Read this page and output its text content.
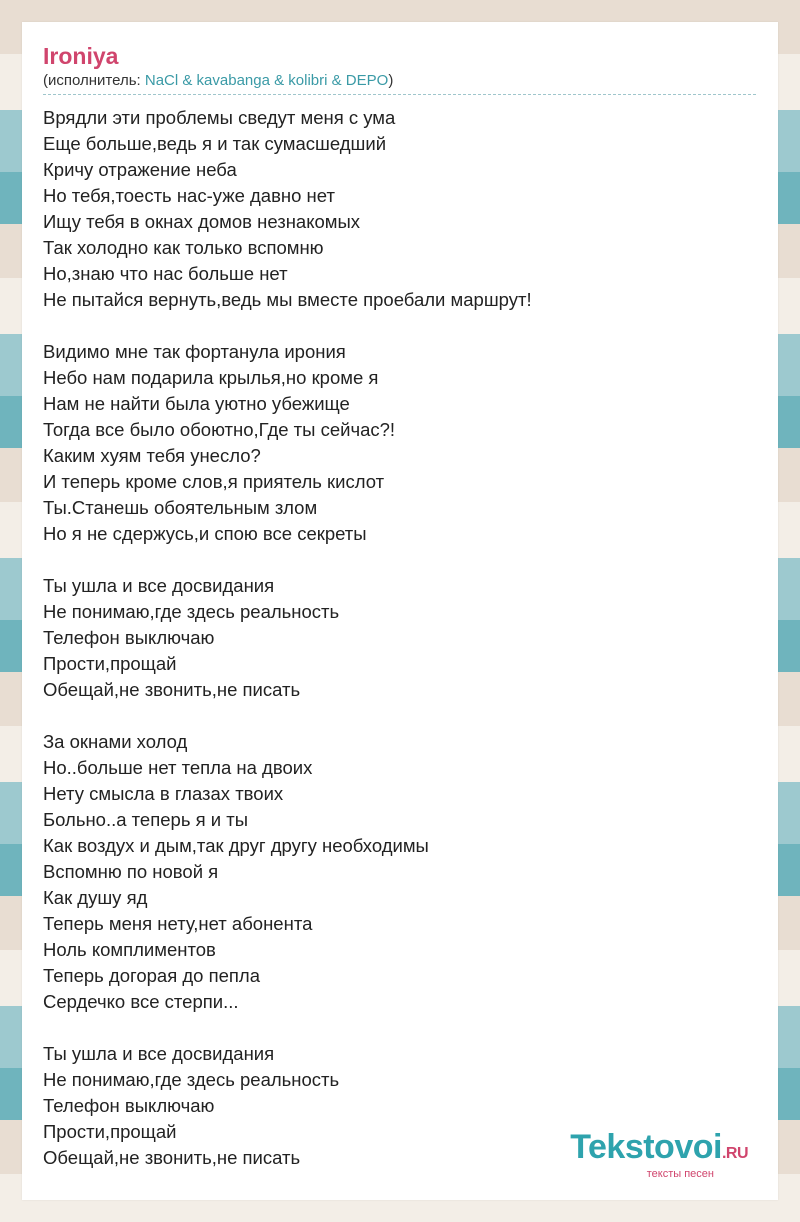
Ironiya

(исполнитель: NaCl & kavabanga & kolibri & DEPO)

Врядли эти проблемы сведут меня с ума
Еще больше,ведь я и так сумасшедший
Кричу отражение неба
Но тебя,тоесть нас-уже давно нет
Ищу тебя в окнах домов незнакомых
Так холодно как только вспомню
Но,знаю что нас больше нет
Не пытайся вернуть,ведь мы вместе проебали маршрут!
Видимо мне так фортанула ирония
Небо нам подарила крылья,но кроме я
Нам не найти была уютно убежище
Тогда все было обоютно,Где ты сейчас?!
Каким хуям тебя унесло?
И теперь кроме слов,я приятель кислот
Ты.Станешь обоятельным злом
Но я не сдержусь,и спою все секреты
Ты ушла и все досвидания
Не понимаю,где здесь реальность
Телефон выключаю
Прости,прощай
Обещай,не звонить,не писать
За окнами холод
Но..больше нет тепла на двоих
Нету смысла в глазах твоих
Больно..а теперь я и ты
Как воздух и дым,так друг другу необходимы
Вспомню по новой я
Как душу яд
Теперь меня нету,нет абонента
Ноль комплиментов
Теперь догорая до пепла
Сердечко все стерпи...
Ты ушла и все досвидания
Не понимаю,где здесь реальность
Телефон выключаю
Прости,прощай
Обещай,не звонить,не писать	Tekstovoi.RU
тексты песен
